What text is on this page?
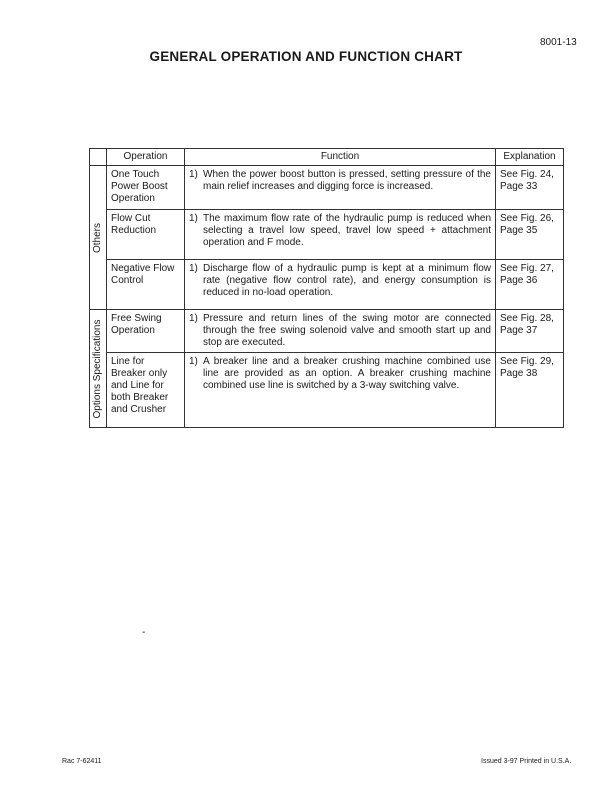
8001-13
GENERAL OPERATION AND FUNCTION CHART
	Operation	Function	Explanation

Others	One Touch Power Boost Operation	1) When the power boost button is pressed, setting pressure of the main relief increases and digging force is increased.	See Fig. 24, Page 33
	Flow Cut Reduction	1) The maximum flow rate of the hydraulic pump is reduced when selecting a travel low speed, travel low speed + attachment operation and F mode.	See Fig. 26, Page 35
	Negative Flow Control	1) Discharge flow of a hydraulic pump is kept at a minimum flow rate (negative flow control rate), and energy consumption is reduced in no-load operation.	See Fig. 27, Page 36

Options Specifications	Free Swing Operation	1) Pressure and return lines of the swing motor are connected through the free swing solenoid valve and smooth start up and stop are executed.	See Fig. 28, Page 37
	Line for Breaker only and Line for both Breaker and Crusher	1) A breaker line and a breaker crushing machine combined use line are provided as an option. A breaker crushing machine combined use line is switched by a 3-way switching valve.	See Fig. 29, Page 38
-
Rac 7-62411	Issued 3-97 Printed in U.S.A.
